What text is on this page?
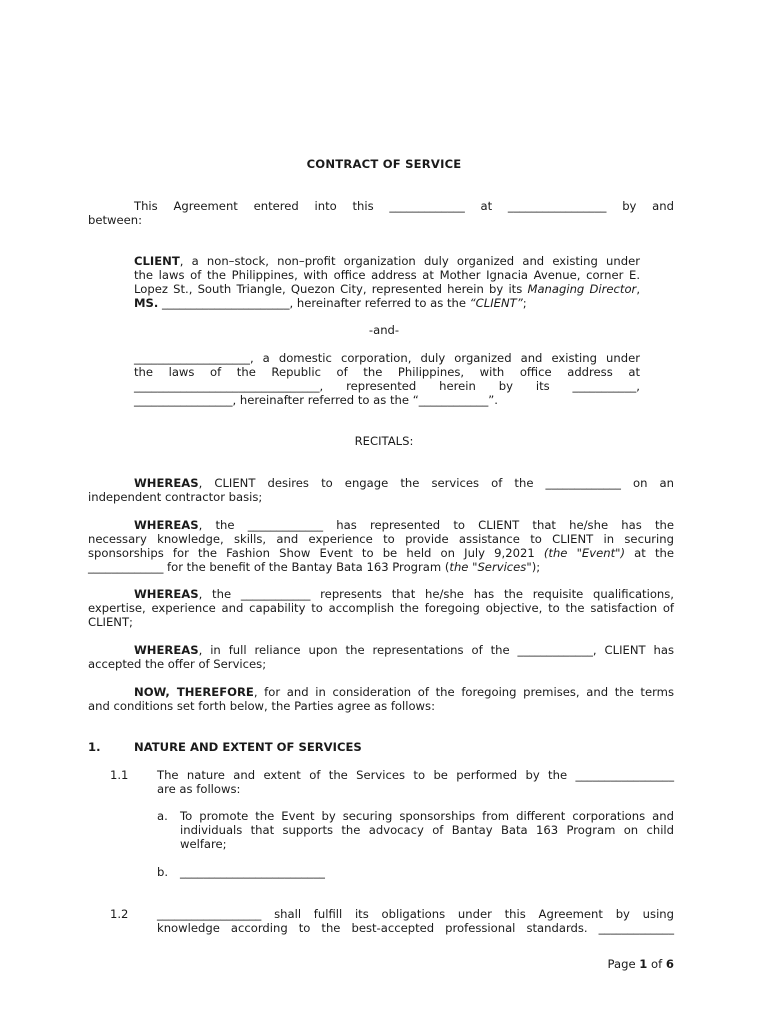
CONTRACT OF SERVICE
This Agreement entered into this _____________ at _________________ by and
between:
CLIENT, a non–stock, non–profit organization duly organized and existing under
the laws of the Philippines, with office address at Mother Ignacia Avenue, corner E.
Lopez St., South Triangle, Quezon City, represented herein by its Managing Director,
MS. ______________________, hereinafter referred to as the “CLIENT”;
-and-
____________________, a domestic corporation, duly organized and existing under
the laws of the Republic of the Philippines, with office address at
________________________________, represented herein by its ___________,
_________________, hereinafter referred to as the “____________”.
RECITALS:
WHEREAS, CLIENT desires to engage the services of the _____________ on an
independent contractor basis;
WHEREAS, the _____________ has represented to CLIENT that he/she has the
necessary knowledge, skills, and experience to provide assistance to CLIENT in securing
sponsorships for the Fashion Show Event to be held on July 9,2021 (the "Event") at the
_____________ for the benefit of the Bantay Bata 163 Program (the "Services");
WHEREAS, the ____________ represents that he/she has the requisite qualifications,
expertise, experience and capability to accomplish the foregoing objective, to the satisfaction of
CLIENT;
WHEREAS, in full reliance upon the representations of the _____________, CLIENT has
accepted the offer of Services;
NOW, THEREFORE, for and in consideration of the foregoing premises, and the terms
and conditions set forth below, the Parties agree as follows:
1.	NATURE AND EXTENT OF SERVICES
1.1 The nature and extent of the Services to be performed by the _________________
are as follows:
a. To promote the Event by securing sponsorships from different corporations and
individuals that supports the advocacy of Bantay Bata 163 Program on child
welfare;
b. _________________________
1.2 __________________ shall fulfill its obligations under this Agreement by using
knowledge according to the best-accepted professional standards. _____________
Page 1 of 6
